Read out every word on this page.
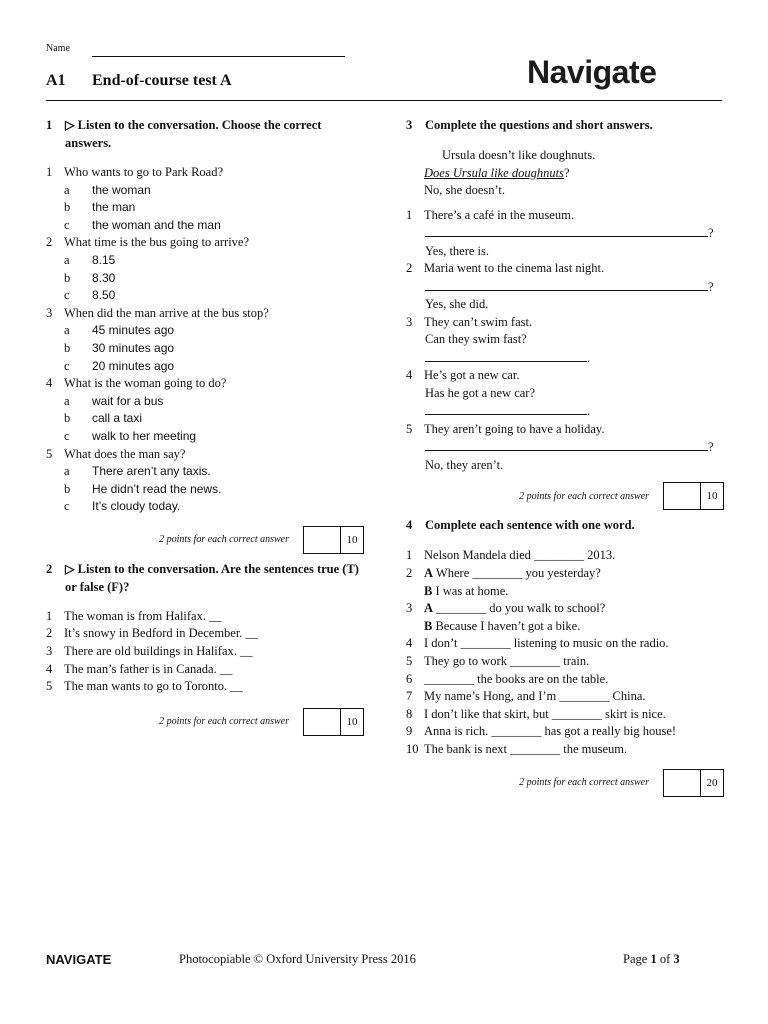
Name
A1 End-of-course test A	Navigate
1	▷ Listen to the conversation. Choose the correct answers.
1 Who wants to go to Park Road?
a	the woman
b	the man
c	the woman and the man
2 What time is the bus going to arrive?
a	8.15
b	8.30
c	8.50
3 When did the man arrive at the bus stop?
a	45 minutes ago
b	30 minutes ago
c	20 minutes ago
4 What is the woman going to do?
a	wait for a bus
b	call a taxi
c	walk to her meeting
5 What does the man say?
a	There aren’t any taxis.
b	He didn’t read the news.
c	It’s cloudy today.
2 points for each correct answer	10
2	▷ Listen to the conversation. Are the sentences true (T) or false (F)?
1 The woman is from Halifax. __
2 It’s snowy in Bedford in December. __
3 There are old buildings in Halifax. __
4 The man’s father is in Canada. __
5 The man wants to go to Toronto. __
2 points for each correct answer	10
3	Complete the questions and short answers.
Ursula doesn’t like doughnuts.
Does Ursula like doughnuts?
No, she doesn’t.
1 There’s a café in the museum.
?
Yes, there is.
2 Maria went to the cinema last night.
?
Yes, she did.
3 They can’t swim fast.
Can they swim fast?
.
4 He’s got a new car.
Has he got a new car?
.
5 They aren’t going to have a holiday.
?
No, they aren’t.
2 points for each correct answer	10
4	Complete each sentence with one word.
1 Nelson Mandela died ________ 2013.
2 A Where ________ you yesterday?
B I was at home.
3 A ________ do you walk to school?
B Because I haven’t got a bike.
4 I don’t ________ listening to music on the radio.
5 They go to work ________ train.
6 ________ the books are on the table.
7 My name’s Hong, and I’m ________ China.
8 I don’t like that skirt, but ________ skirt is nice.
9 Anna is rich. ________ has got a really big house!
10 The bank is next ________ the museum.
2 points for each correct answer	20
NAVIGATE	Photocopiable © Oxford University Press 2016	Page 1 of 3
